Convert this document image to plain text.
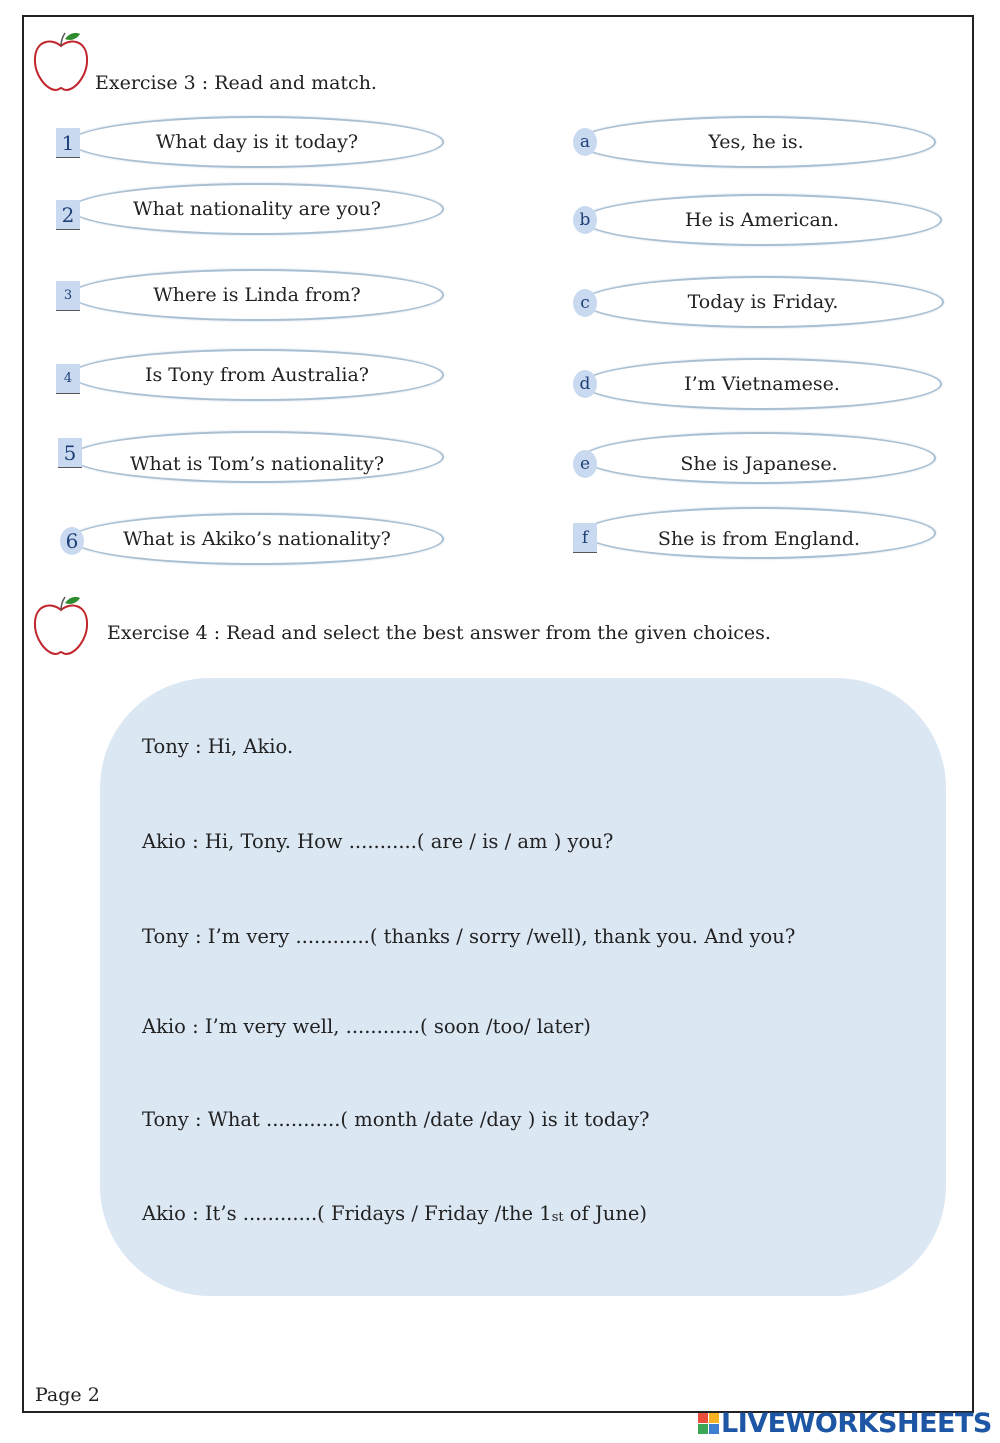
Exercise 3 : Read and match.
What day is it today?
1
What nationality are you?
2
Where is Linda from?
3
Is Tony from Australia?
4
What is Tom’s nationality?
5
What is Akiko’s nationality?
6
Yes, he is.
a
He is American.
b
Today is Friday.
c
I’m Vietnamese.
d
She is Japanese.
e
She is from England.
f
Exercise 4 : Read and select the best answer from the given choices.
Tony : Hi, Akio.
Akio : Hi, Tony. How ...........( are / is / am ) you?
Tony : I’m very ............( thanks / sorry /well), thank you. And you?
Akio : I’m very well, ............( soon /too/ later)
Tony : What ............( month /date /day ) is it today?
Akio : It’s ............( Fridays / Friday /the 1st of June)
Page 2
LIVEWORKSHEETS
